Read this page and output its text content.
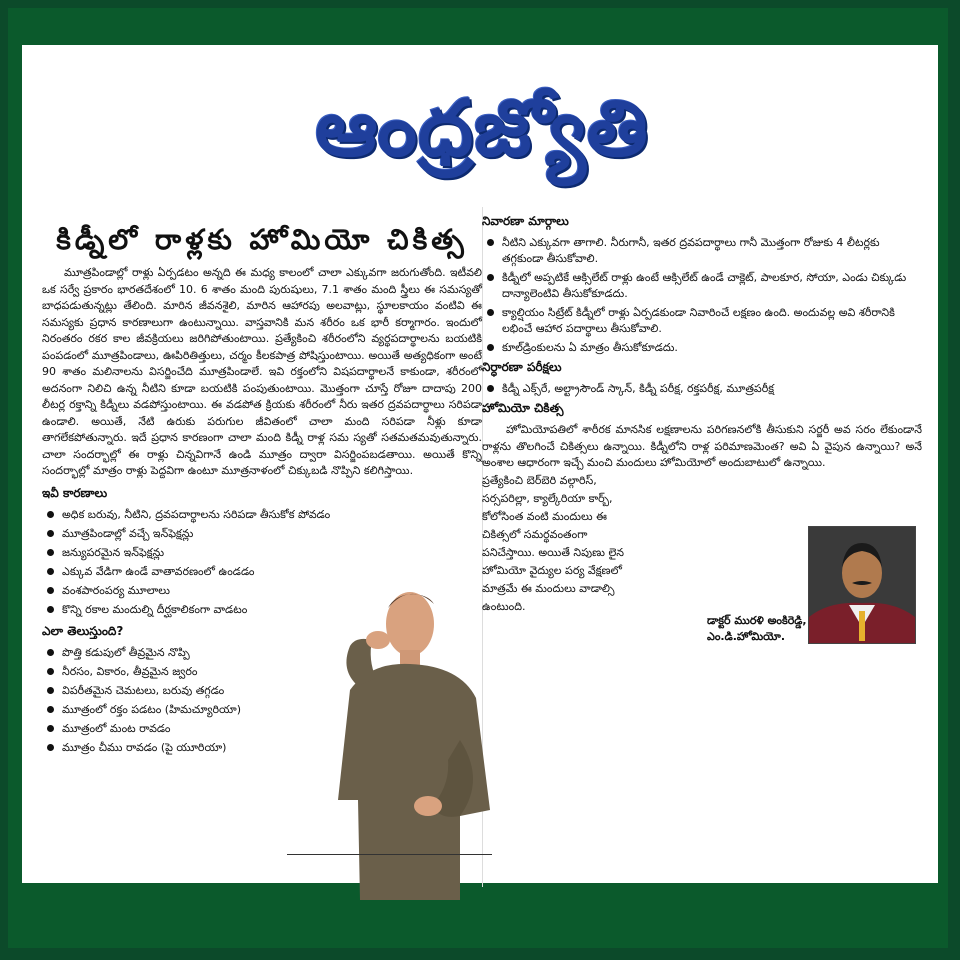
ఆంధ్రజ్యోతి
కిడ్నీలో రాళ్లకు హోమియో చికిత్స

మూత్రపిండాల్లో రాళ్లు ఏర్పడటం అన్నది ఈ మధ్య కాలంలో చాలా ఎక్కువగా జరుగుతోంది. ఇటీవలి ఒక సర్వే ప్రకారం భారతదేశంలో 10. 6 శాతం మంది పురుషులు, 7.1 శాతం మంది స్త్రీలు ఈ సమస్యతో బాధపడుతున్నట్లు తేలింది. మారిన జీవనశైలి, మారిన ఆహారపు అలవాట్లు, స్థూలకాయం వంటివి ఈ సమస్యకు ప్రధాన కారణాలుగా ఉంటున్నాయి. వాస్తవానికి మన శరీరం ఒక భారీ కర్మాగారం. ఇందులో నిరంతరం రకర కాల జీవక్రియలు జరిగిపోతుంటాయి. ప్రత్యేకించి శరీరంలోని వ్యర్థపదార్థాలను బయటికి పంపడంలో మూత్రపిండాలు, ఊపిరితిత్తులు, చర్మం కీలకపాత్ర పోషిస్తుంటాయి. అయితే అత్యధికంగా అంటే 90 శాతం మలినాలను విసర్జించేది మూత్రపిండాలే. ఇవి రక్తంలోని విషపదార్థాలనే కాకుండా, శరీరంలో అదనంగా నిలిచి ఉన్న నీటిని కూడా బయటికి పంపుతుంటాయి. మొత్తంగా చూస్తే రోజూ దాదాపు 200 లీటర్ల రక్తాన్ని కిడ్నీలు వడపోస్తుంటాయి. ఈ వడపోత క్రియకు శరీరంలో నీరు ఇతర ద్రవపదార్థాలు సరిపడా ఉండాలి. అయితే, నేటి ఉరుకు పరుగుల జీవితంలో చాలా మంది సరిపడా నీళ్లు కూడా తాగలేకపోతున్నారు. ఇదే ప్రధాన కారణంగా చాలా మంది కిడ్నీ రాళ్ల సమ స్యతో సతమతమవుతున్నారు. చాలా సందర్భాల్లో ఈ రాళ్లు చిన్నవిగానే ఉండి మూత్రం ద్వారా విసర్జింపబడతాయి. అయితే కొన్ని సందర్భాల్లో మాత్రం రాళ్లు పెద్దవిగా ఉంటూ మూత్రనాళంలో చిక్కుబడి నొప్పిని కలిగిస్తాయి.

ఇవీ కారణాలు
అధిక బరువు, నీటిని, ద్రవపదార్థాలను సరిపడా తీసుకోక పోవడం
మూత్రపిండాల్లో వచ్చే ఇన్‌ఫెక్షన్లు
జన్యుపరమైన ఇన్‌ఫెక్షన్లు
ఎక్కువ వేడిగా ఉండే వాతావరణంలో ఉండడం
వంశపారంపర్య మూలాలు
కొన్ని రకాల మందుల్ని దీర్ఘకాలికంగా వాడటం
ఎలా తెలుస్తుంది?
పొత్తి కడుపులో తీవ్రమైన నొప్పి
నీరసం, వికారం, తీవ్రమైన జ్వరం
విపరీతమైన చెమటలు, బరువు తగ్గడం
మూత్రంలో రక్తం పడటం (హిమచ్యూరియా)
మూత్రంలో మంట రావడం
మూత్రం చీము రావడం (పై యూరియా)
నివారణా మార్గాలు
నీటిని ఎక్కువగా తాగాలి. నీరుగానీ, ఇతర ద్రవపదార్థాలు గానీ మొత్తంగా రోజుకు 4 లీటర్లకు తగ్గకుండా తీసుకోవాలి.
కిడ్నీలో అప్పటికే ఆక్సిలేట్ రాళ్లు ఉంటే ఆక్సిలేట్ ఉండే చాక్లెట్, పాలకూర, సోయా, ఎండు చిక్కుడు దాన్యాలెంటివి తీసుకోకూడదు.
క్యాల్షియం సిట్రేట్ కిడ్నీలో రాళ్లు ఏర్పడకుండా నివారించే లక్షణం ఉంది. అందువల్ల అవి శరీరానికి లభించే ఆహార పదార్థాలు తీసుకోవాలి.
కూల్‌డ్రింకులను ఏ మాత్రం తీసుకోకూడదు.
నిర్ధారణా పరీక్షలు
కిడ్నీ ఎక్స్‌రే, అల్ట్రాసౌండ్ స్కాన్, కిడ్నీ పరీక్ష, రక్తపరీక్ష, మూత్రపరీక్ష
హోమియో చికిత్స

హోమియోపతిలో శారీరక మానసిక లక్షణాలను పరిగణనలోకి తీసుకుని సర్జరీ అవ సరం లేకుండానే రాళ్లను తొలగించే చికిత్సలు ఉన్నాయి. కిడ్నీలోని రాళ్ల పరిమాణమెంత? అవి ఏ వైపున ఉన్నాయి? అనే అంశాల ఆధారంగా ఇచ్చే మంచి మందులు హోమియోలో అందుబాటులో ఉన్నాయి.

ప్రత్యేకించి బెర్‌బెరి వల్గారిస్, సర్సపరిల్లా, క్యాల్కేరియా కార్బ్, కోలోసింత వంటి మందులు ఈ చికిత్సలో సమర్థవంతంగా పనిచేస్తాయి. అయితే నిపుణు లైన హోమియో వైద్యుల పర్య వేక్షణలో మాత్రమే ఈ మందులు వాడాల్సి ఉంటుంది.

డాక్టర్ మురళి అంకిరెడ్డి,
ఎం.డి.హోమియో.
